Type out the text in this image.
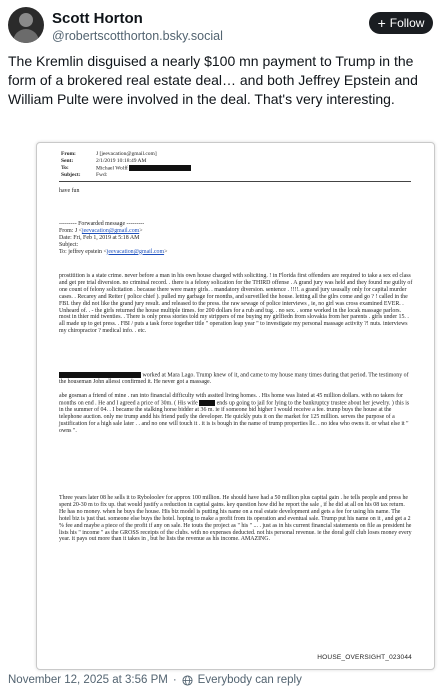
Scott Horton
@robertscotthorton.bsky.social
+ Follow
The Kremlin disguised a nearly $100 mn payment to Trump in the form of a brokered real estate deal… and both Jeffrey Epstein and William Pulte were involved in the deal. That's very interesting.
From:	J [jeevacation@gmail.com]
Sent:	2/1/2019 10:18:49 AM
To:	Michael Wolff
Subject:	Fwd:

have fun

--------- Forwarded message ---------
From: J <jeevacation@gmail.com>
Date: Fri, Feb 1, 2019 at 5:18 AM
Subject:
To: jeffrey epstein <jeevacation@gmail.com>

prostitition is a state crime. never before a man in his own house charged with soliciting. ! in Florida first offenders are required to take a sex ed class and get pre trial diversion. no criminal record. . there is a felony solication for the THIRD offense . A grand jury was held and they found me guilty of one count of felony solicitation . because there were many girls. . mandatory diversion. sentence . !!!!. a grand jury ususally only for capital murder cases. . Recarey and Reiter ( police chief ). pulled my garbage for months, and surveilled the house. letting all the gilrs come and go ? ! called in the FBI. they did not like the grand jury result. and released to the press. the raw sewage of police interviews , ie, no girl was cross examined EVER. . Unheard of. . - the girls returned the house multiple times. for 200 dollars for a rub and tug. . no sex. . some worked in the locak massage parlors. most in thier mid twenties. . There is only press stories told my strippers of me buying my girlfiedn from slovakia from her parents . girls under 15. . all made up to get press. . FBI / puts a task force together title " operation leap year " to investigate my personal massage activity ?! nuts. interviews my chiropractor ? medical info. . etc.

worked at Mara Lago. Trump knew of it, and came to my house many times during that period. The testimony of the houseman John allessi confirmed it. He never got a massage.

abe gosman a friend of mine . ran into financial difficulty with assited living homes. . His home was listed at 45 million dollars. with no takers for months on end . He and I agreed a price of 30m. ( His wife	ends up going to jail for lying to the bankruptcy trustee about her jewelry. ) this is in the summer of 04. . I became the stalking horse bidder at 36 m. ie if someone bid higher I would receive a fee. trump buys the house at the telephone auction. only me trump andd his friend putly the developer. He quickly puts it on the market for 125 million. serves the purpose of a justification for a high sale later . . and no one will touch it . it is is bough in the name of trump properties llc. . no idea who owns it. or what else it " owns ".

Three years later 08 he sells it to Ryboloolev for approx 100 million. He should have had a 50 million plus capital gain . he tells people and press he spent 20-30 m to fix up. that would justify a reduction in captial gains. key question how did he report the sale , if he did at all on his 08 tax return. He has no money. when he buys the house. His biz model is putting his name on a real estate development and gets a fee for using his name. The hotel biz is just that. someone else buys the hotel. hoping to make a profit from its operation and eventual sale. Trump put his name on it , and get a 2 % fee and maybe a piece of the profit if any on sale. He touts the project as " his " ... . just as in his current financial statements on file as president he lists his " income " as the GROSS receipts of the clubs. with no expenses deducted. not his personal revenue. ie the doral golf club loses money every year. it pays out more than it takes in , but he lists the revenue as his income. AMAZING.

HOUSE_OVERSIGHT_023044
November 12, 2025 at 3:56 PM · Everybody can reply
